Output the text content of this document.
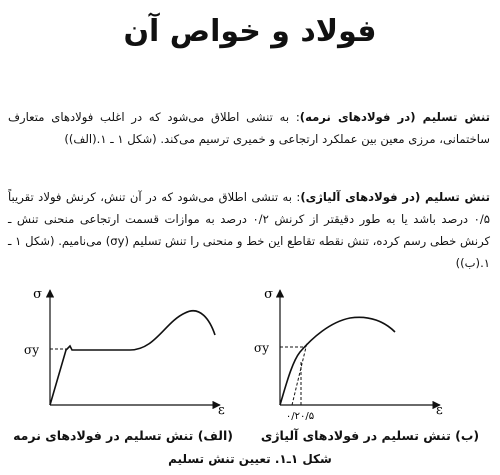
فولاد و خواص آن
تنش تسلیم (در فولادهای نرمه): به تنشی اطلاق می‌شود که در اغلب فولادهای متعارف ساختمانی، مرزی معین بین عملکرد ارتجاعی و خمیری ترسیم می‌کند. (شکل ۱ ـ ۱.(الف))
تنش تسلیم (در فولادهای آلیاژی): به تنشی اطلاق می‌شود که در آن تنش، کرنش فولاد تقریباً ۰/۵ درصد باشد یا به طور دقیقتر از کرنش ۰/۲ درصد به موازات قسمت ارتجاعی منحنی تنش ـ کرنش خطی رسم کرده، تنش نقطه تقاطع این خط و منحنی را تنش تسلیم (σy) می‌نامیم. (شکل ۱ ـ ۱.(ب))
σ
ε
σy
σ
ε
σy
۰/۲۰/۵
(الف) تنش تسلیم در فولادهای نرمه	(ب) تنش تسلیم در فولادهای آلیاژی
شکل ۱ـ۱. تعیین تنش تسلیم
